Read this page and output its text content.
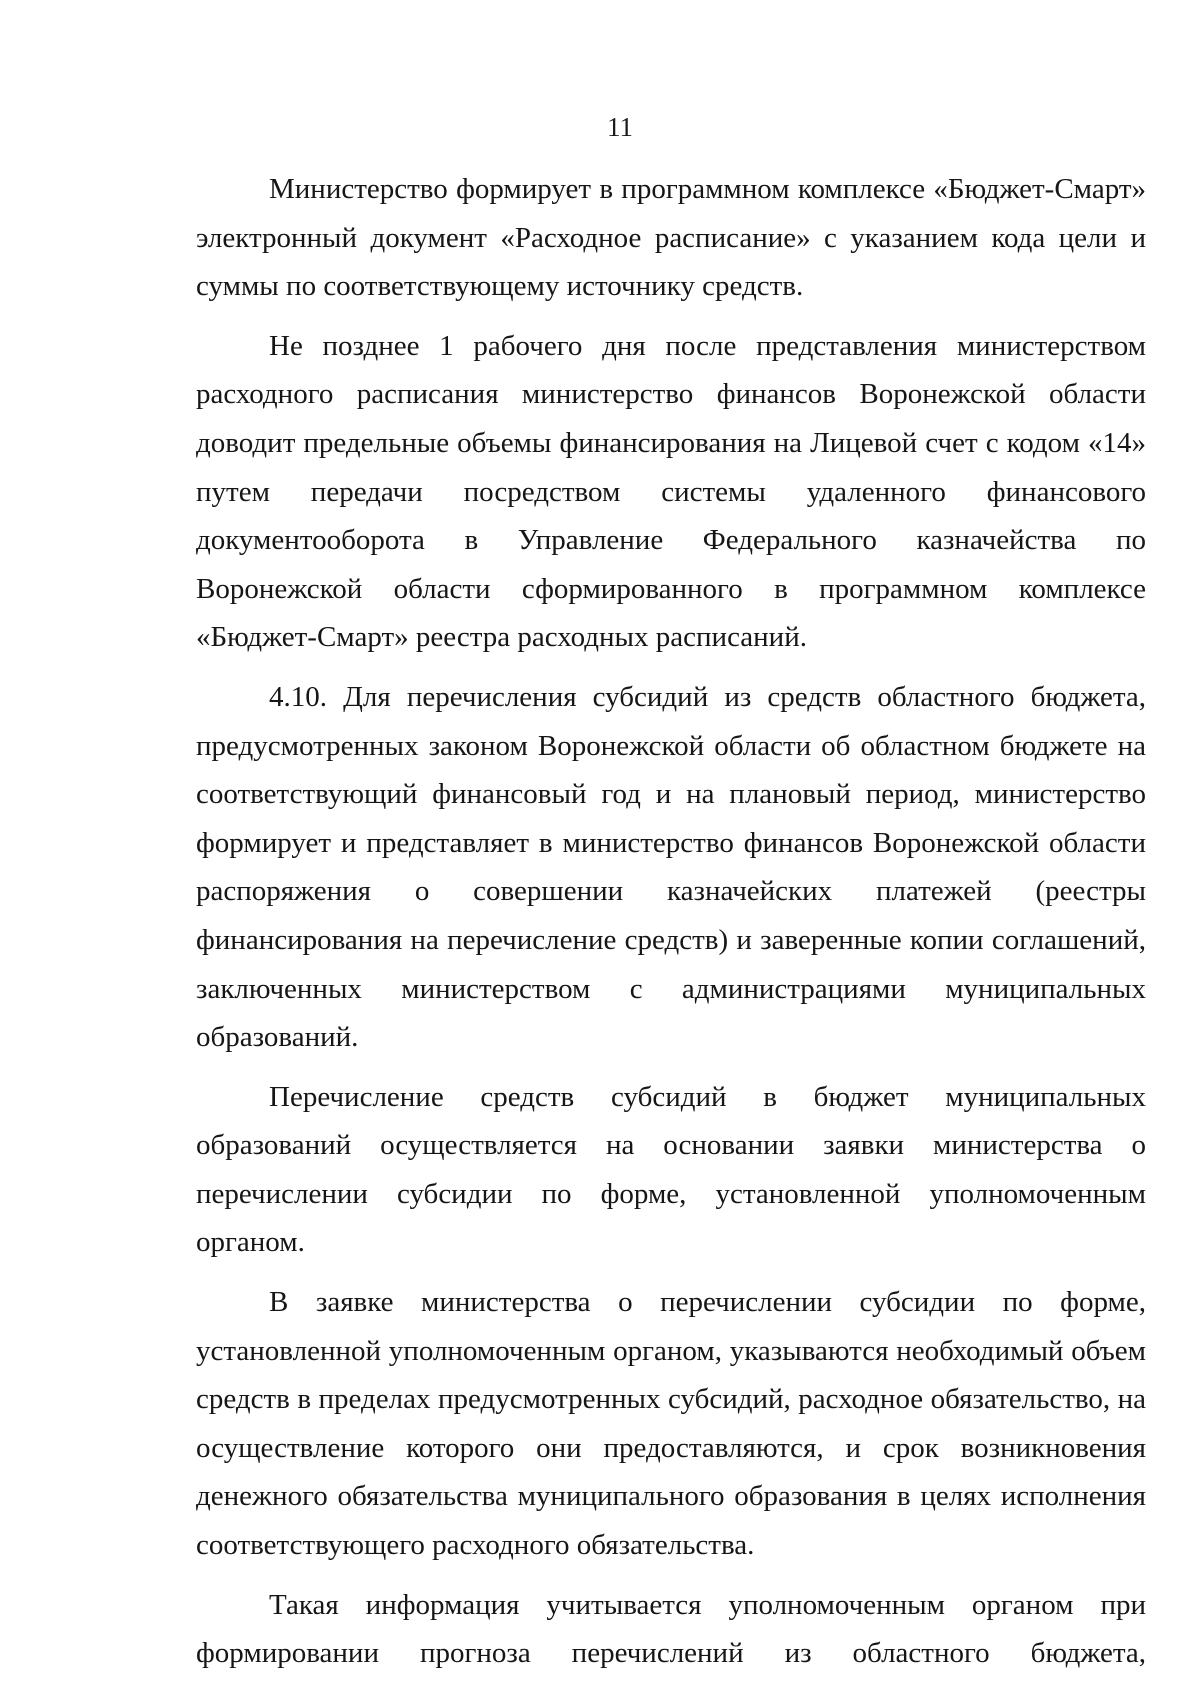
11

Министерство формирует в программном комплексе «Бюджет-Смарт» электронный документ «Расходное расписание» с указанием кода цели и суммы по соответствующему источнику средств.

Не позднее 1 рабочего дня после представления министерством расходного расписания министерство финансов Воронежской области доводит предельные объемы финансирования на Лицевой счет с кодом «14» путем передачи посредством системы удаленного финансового документооборота в Управление Федерального казначейства по Воронежской области сформированного в программном комплексе «Бюджет-Смарт» реестра расходных расписаний.

4.10. Для перечисления субсидий из средств областного бюджета, предусмотренных законом Воронежской области об областном бюджете на соответствующий финансовый год и на плановый период, министерство формирует и представляет в министерство финансов Воронежской области распоряжения о совершении казначейских платежей (реестры финансирования на перечисление средств) и заверенные копии соглашений, заключенных министерством с администрациями муниципальных образований.

Перечисление средств субсидий в бюджет муниципальных образований осуществляется на основании заявки министерства о перечислении субсидии по форме, установленной уполномоченным органом.

В заявке министерства о перечислении субсидии по форме, установленной уполномоченным органом, указываются необходимый объем средств в пределах предусмотренных субсидий, расходное обязательство, на осуществление которого они предоставляются, и срок возникновения денежного обязательства муниципального образования в целях исполнения соответствующего расходного обязательства.

Такая информация учитывается уполномоченным органом при формировании прогноза перечислений из областного бюджета,
